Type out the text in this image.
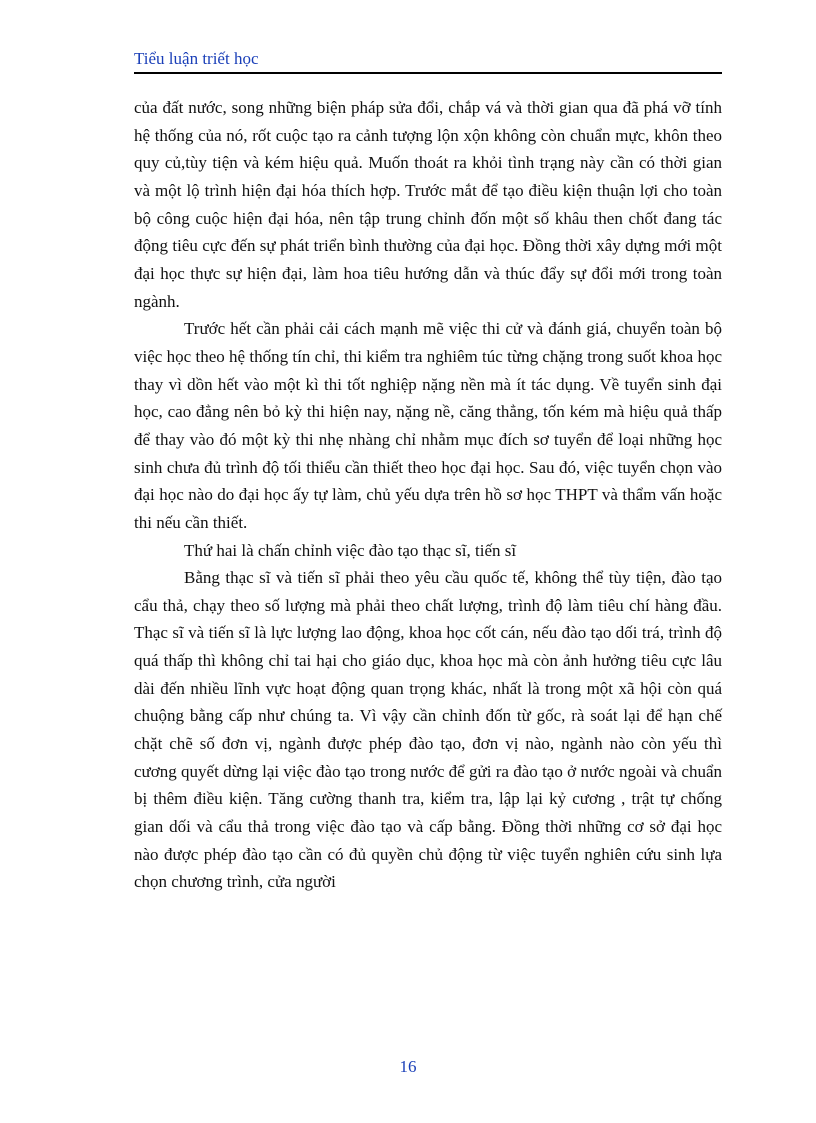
Tiểu luận triết học

của đất nước, song những biện pháp sửa đổi, chắp vá và thời gian qua đã phá vỡ tính hệ thống của nó, rốt cuộc tạo ra cảnh tượng lộn xộn không còn chuẩn mực, khôn theo quy củ,tùy tiện và kém hiệu quả. Muốn thoát ra khỏi tình trạng này cần có thời gian và một lộ trình hiện đại hóa thích hợp. Trước mắt để tạo điều kiện thuận lợi cho toàn bộ công cuộc hiện đại hóa, nên tập trung chỉnh đốn một số khâu then chốt đang tác động tiêu cực đến sự phát triển bình thường của đại học. Đồng thời xây dựng mới một đại học thực sự hiện đại, làm hoa tiêu hướng dẫn và thúc đẩy sự đổi mới trong toàn ngành.

Trước hết cần phải cải cách mạnh mẽ việc thi cử và đánh giá, chuyển toàn bộ việc học theo hệ thống tín chỉ, thi kiểm tra nghiêm túc từng chặng trong suốt khoa học thay vì dồn hết vào một kì thi tốt nghiệp nặng nền mà ít tác dụng. Về tuyển sinh đại học, cao đẳng nên bỏ kỳ thi hiện nay, nặng nề, căng thẳng, tốn kém mà hiệu quả thấp để thay vào đó một kỳ thi nhẹ nhàng chỉ nhằm mục đích sơ tuyển để loại những học sinh chưa đủ trình độ tối thiểu cần thiết theo học đại học. Sau đó, việc tuyển chọn vào đại học nào do đại học ấy tự làm, chủ yếu dựa trên hồ sơ học THPT và thẩm vấn hoặc thi nếu cần thiết.

Thứ hai là chấn chỉnh việc đào tạo thạc sĩ, tiến sĩ

Bằng thạc sĩ và tiến sĩ phải theo yêu cầu quốc tế, không thể tùy tiện, đào tạo cẩu thả, chạy theo số lượng mà phải theo chất lượng, trình độ làm tiêu chí hàng đầu. Thạc sĩ và tiến sĩ là lực lượng lao động, khoa học cốt cán, nếu đào tạo dối trá, trình độ quá thấp thì không chỉ tai hại cho giáo dục, khoa học mà còn ảnh hưởng tiêu cực lâu dài đến nhiều lĩnh vực hoạt động quan trọng khác, nhất là trong một xã hội còn quá chuộng bằng cấp như chúng ta. Vì vậy cần chỉnh đốn từ gốc, rà soát lại để hạn chế chặt chẽ số đơn vị, ngành được phép đào tạo, đơn vị nào, ngành nào còn yếu thì cương quyết dừng lại việc đào tạo trong nước để gửi ra đào tạo ở nước ngoài và chuẩn bị thêm điều kiện. Tăng cường thanh tra, kiểm tra, lập lại kỷ cương , trật tự chống gian dối và cẩu thả trong việc đào tạo và cấp bằng. Đồng thời những cơ sở đại học nào được phép đào tạo cần có đủ quyền chủ động từ việc tuyển nghiên cứu sinh lựa chọn chương trình, cửa người

16
